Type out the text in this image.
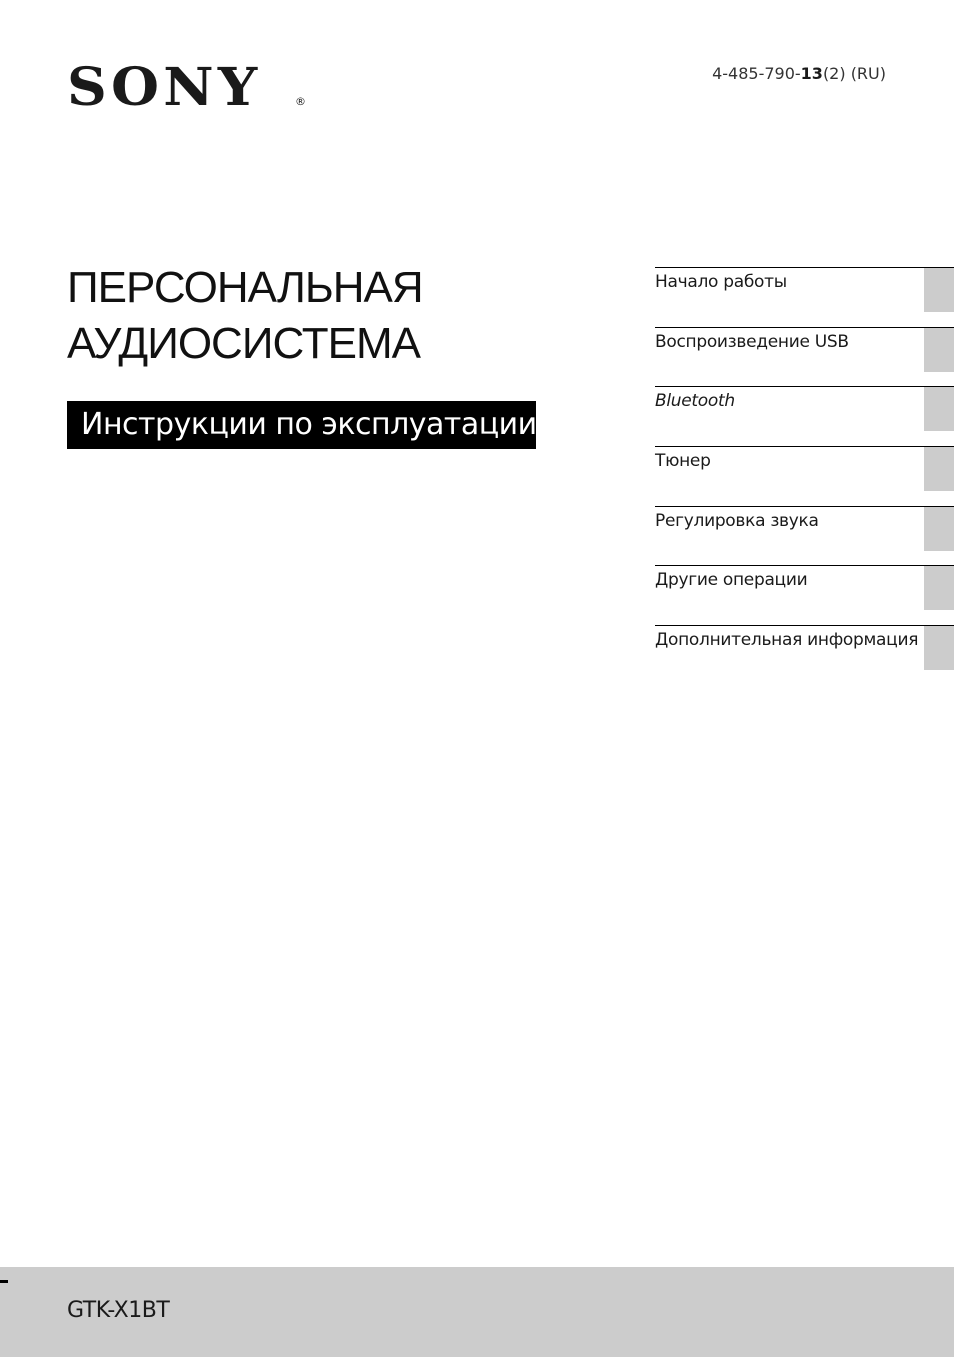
SONY	®
4-485-790-13(2) (RU)
ПЕРСОНАЛЬНАЯ
АУДИОСИСТЕМА
Инструкции по эксплуатации
Начало работы
Воспроизведение USB
Bluetooth
Тюнер
Регулировка звука
Другие операции
Дополнительная информация
GTK-X1BT
